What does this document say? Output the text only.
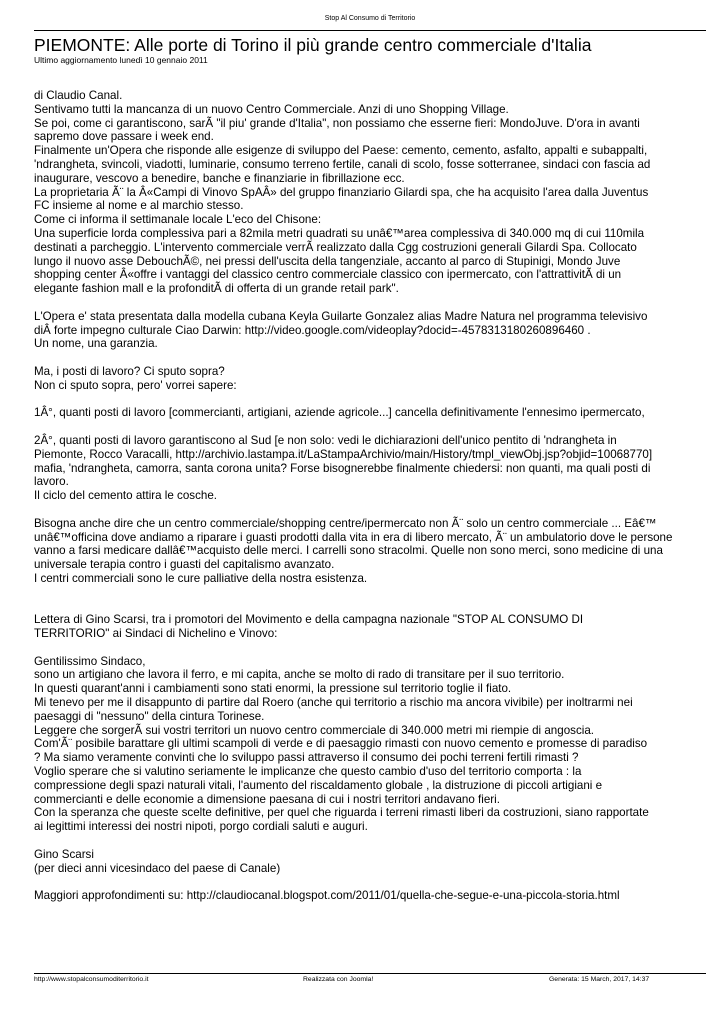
Stop Al Consumo di Territorio
PIEMONTE: Alle porte di Torino il più grande centro commerciale d'Italia
Ultimo aggiornamento lunedì 10 gennaio 2011

di Claudio Canal.

Sentivamo tutti la mancanza di un nuovo Centro Commerciale. Anzi di uno Shopping Village.

Se poi, come ci garantiscono, sarÃ "il piu' grande d'Italia", non possiamo che esserne fieri: MondoJuve. D'ora in avanti

sapremo dove passare i week end.

Finalmente un'Opera che risponde alle esigenze di sviluppo del Paese: cemento, cemento, asfalto, appalti e subappalti,

'ndrangheta, svincoli, viadotti, luminarie, consumo terreno fertile, canali di scolo, fosse sotterranee, sindaci con fascia ad

inaugurare, vescovo a benedire, banche e finanziarie in fibrillazione ecc.

La proprietaria Ã¨ la Â«Campi di Vinovo SpAÂ» del gruppo finanziario Gilardi spa, che ha acquisito l'area dalla Juventus

FC insieme al nome e al marchio stesso.

Come ci informa il settimanale locale L'eco del Chisone:

Una superficie lorda complessiva pari a 82mila metri quadrati su unâ€™area complessiva di 340.000 mq di cui 110mila

destinati a parcheggio. L'intervento commerciale verrÃ realizzato dalla Cgg costruzioni generali Gilardi Spa. Collocato

lungo il nuovo asse DebouchÃ©, nei pressi dell'uscita della tangenziale, accanto al parco di Stupinigi, Mondo Juve

shopping center Â«offre i vantaggi del classico centro commerciale classico con ipermercato, con l'attrattivitÃ di un

elegante fashion mall e la profonditÃ di offerta di un grande retail park".

L'Opera e' stata presentata dalla modella cubana Keyla Guilarte Gonzalez alias Madre Natura nel programma televisivo

diÂ forte impegno culturale Ciao Darwin: http://video.google.com/videoplay?docid=-4578313180260896460 .

Un nome, una garanzia.

Ma, i posti di lavoro? Ci sputo sopra?

Non ci sputo sopra, pero' vorrei sapere:

1Â°, quanti posti di lavoro [commercianti, artigiani, aziende agricole...] cancella definitivamente l'ennesimo ipermercato,

2Â°, quanti posti di lavoro garantiscono al Sud [e non solo: vedi le dichiarazioni dell'unico pentito di 'ndrangheta in

Piemonte, Rocco Varacalli, http://archivio.lastampa.it/LaStampaArchivio/main/History/tmpl_viewObj.jsp?objid=10068770]

mafia, 'ndrangheta, camorra, santa corona unita? Forse bisognerebbe finalmente chiedersi: non quanti, ma quali posti di

lavoro.

Il ciclo del cemento attira le cosche.

Bisogna anche dire che un centro commerciale/shopping centre/ipermercato non Ã¨ solo un centro commerciale ... Eâ€™

unâ€™officina dove andiamo a riparare i guasti prodotti dalla vita in era di libero mercato, Ã¨ un ambulatorio dove le persone

vanno a farsi medicare dallâ€™acquisto delle merci. I carrelli sono stracolmi. Quelle non sono merci, sono medicine di una

universale terapia contro i guasti del capitalismo avanzato.

I centri commerciali sono le cure palliative della nostra esistenza.

Lettera di Gino Scarsi, tra i promotori del Movimento e della campagna nazionale "STOP AL CONSUMO DI

TERRITORIO" ai Sindaci di Nichelino e Vinovo:

Gentilissimo Sindaco,

sono un artigiano che lavora il ferro, e mi capita, anche se molto di rado di transitare per il suo territorio.

In questi quarant'anni i cambiamenti sono stati enormi, la pressione sul territorio toglie il fiato.

Mi tenevo per me il disappunto di partire dal Roero (anche qui territorio a rischio ma ancora vivibile) per inoltrarmi nei

paesaggi di "nessuno" della cintura Torinese.

Leggere che sorgerÃ sui vostri territori un nuovo centro commerciale di 340.000 metri mi riempie di angoscia.

Com'Ã¨ posibile barattare gli ultimi scampoli di verde e di paesaggio rimasti con nuovo cemento e promesse di paradiso

? Ma siamo veramente convinti che lo sviluppo passi attraverso il consumo dei pochi terreni fertili rimasti ?

Voglio sperare che si valutino seriamente le implicanze che questo cambio d'uso del territorio comporta : la

compressione degli spazi naturali vitali, l'aumento del riscaldamento globale , la distruzione di piccoli artigiani e

commercianti e delle economie a dimensione paesana di cui i nostri territori andavano fieri.

Con la speranza che queste scelte definitive, per quel che riguarda i terreni rimasti liberi da costruzioni, siano rapportate

ai legittimi interessi dei nostri nipoti, porgo cordiali saluti e auguri.

Gino Scarsi

(per dieci anni vicesindaco del paese di Canale)

Maggiori approfondimenti su: http://claudiocanal.blogspot.com/2011/01/quella-che-segue-e-una-piccola-storia.html

http://www.stopalconsumoditerritorio.it	Realizzata con Joomla!	Generata: 15 March, 2017, 14:37
